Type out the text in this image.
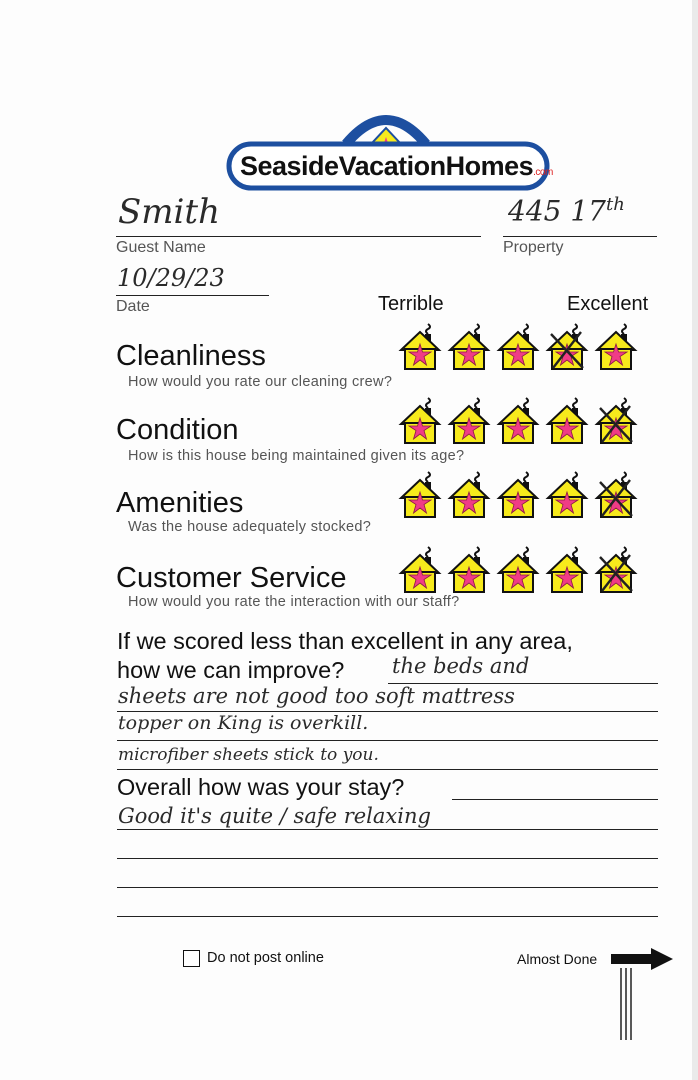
SeasideVacationHomes.com
Smith
Guest Name
445 17th
Property
10/29/23
Date	Terrible	Excellent
Cleanliness
How would you rate our cleaning crew?
Condition
How is this house being maintained given its age?
Amenities
Was the house adequately stocked?
Customer Service
How would you rate the interaction with our staff?
If we scored less than excellent in any area,
how we can improve? the beds and
sheets are not good too soft mattress
topper on King is overkill.
microfiber sheets stick to you.
Overall how was your stay?
Good it's quite / safe relaxing
Do not post online	Almost Done
